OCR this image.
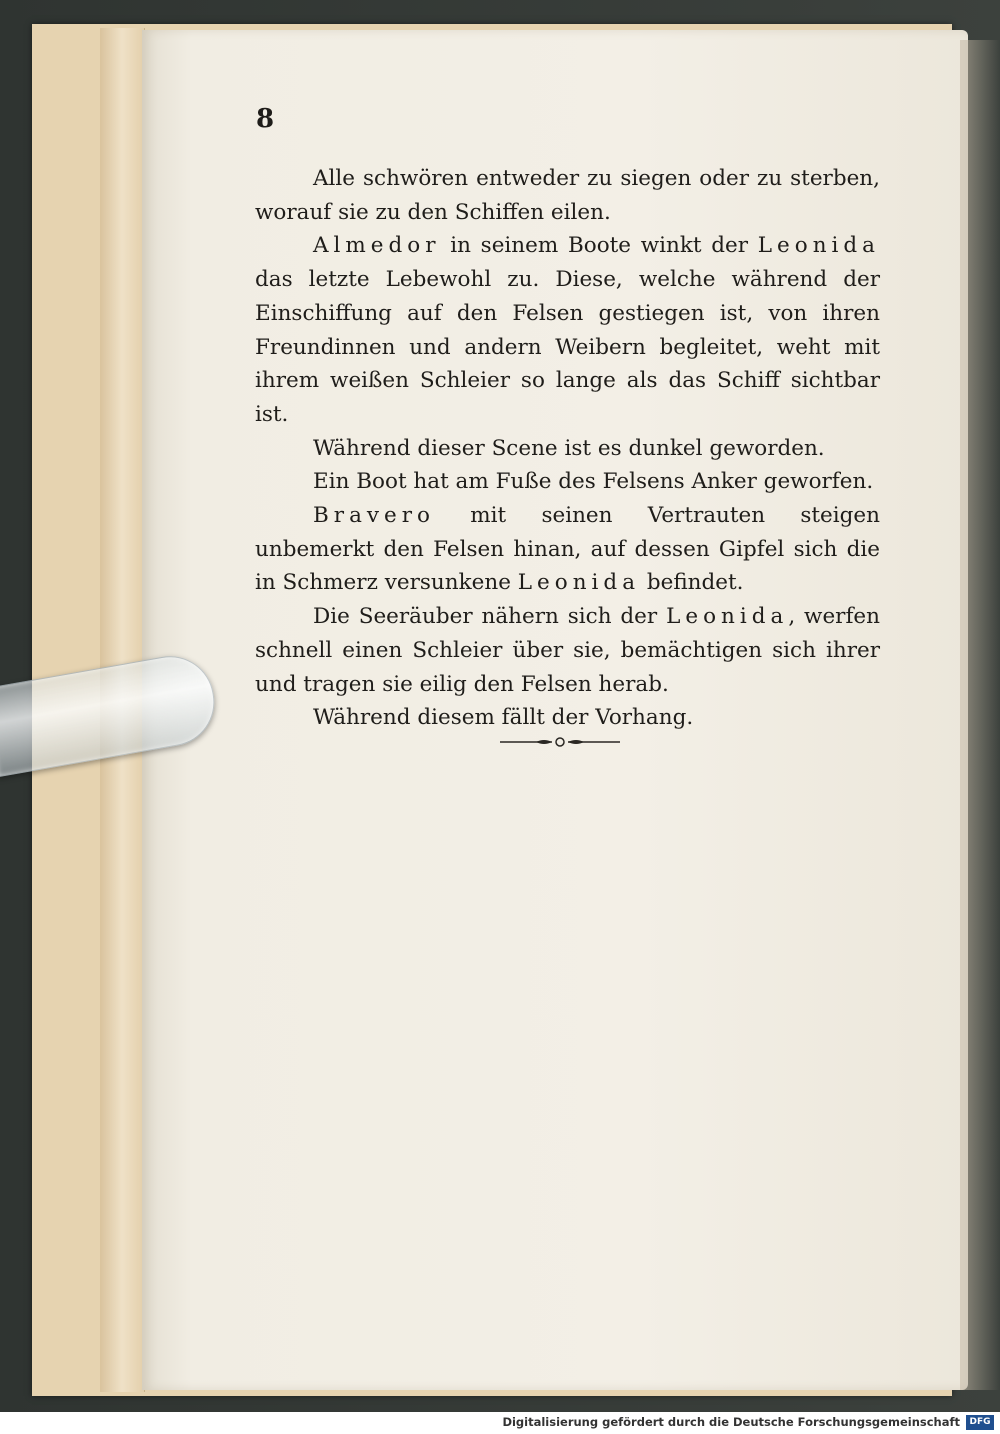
8

Alle schwören entweder zu siegen oder zu sterben, worauf sie zu den Schiffen eilen.

Almedor in seinem Boote winkt der Leonida das letzte Lebewohl zu. Diese, welche während der Einschiffung auf den Felsen gestiegen ist, von ihren Freundinnen und andern Weibern begleitet, weht mit ihrem weißen Schleier so lange als das Schiff sichtbar ist.

Während dieser Scene ist es dunkel geworden.

Ein Boot hat am Fuße des Felsens Anker geworfen.

Bravero mit seinen Vertrauten steigen unbemerkt den Felsen hinan, auf dessen Gipfel sich die in Schmerz versunkene Leonida befindet.

Die Seeräuber nähern sich der Leonida, werfen schnell einen Schleier über sie, bemächtigen sich ihrer und tragen sie eilig den Felsen herab.

Während diesem fällt der Vorhang.

Digitalisierung gefördert durch die Deutsche Forschungsgemeinschaft	DFG
